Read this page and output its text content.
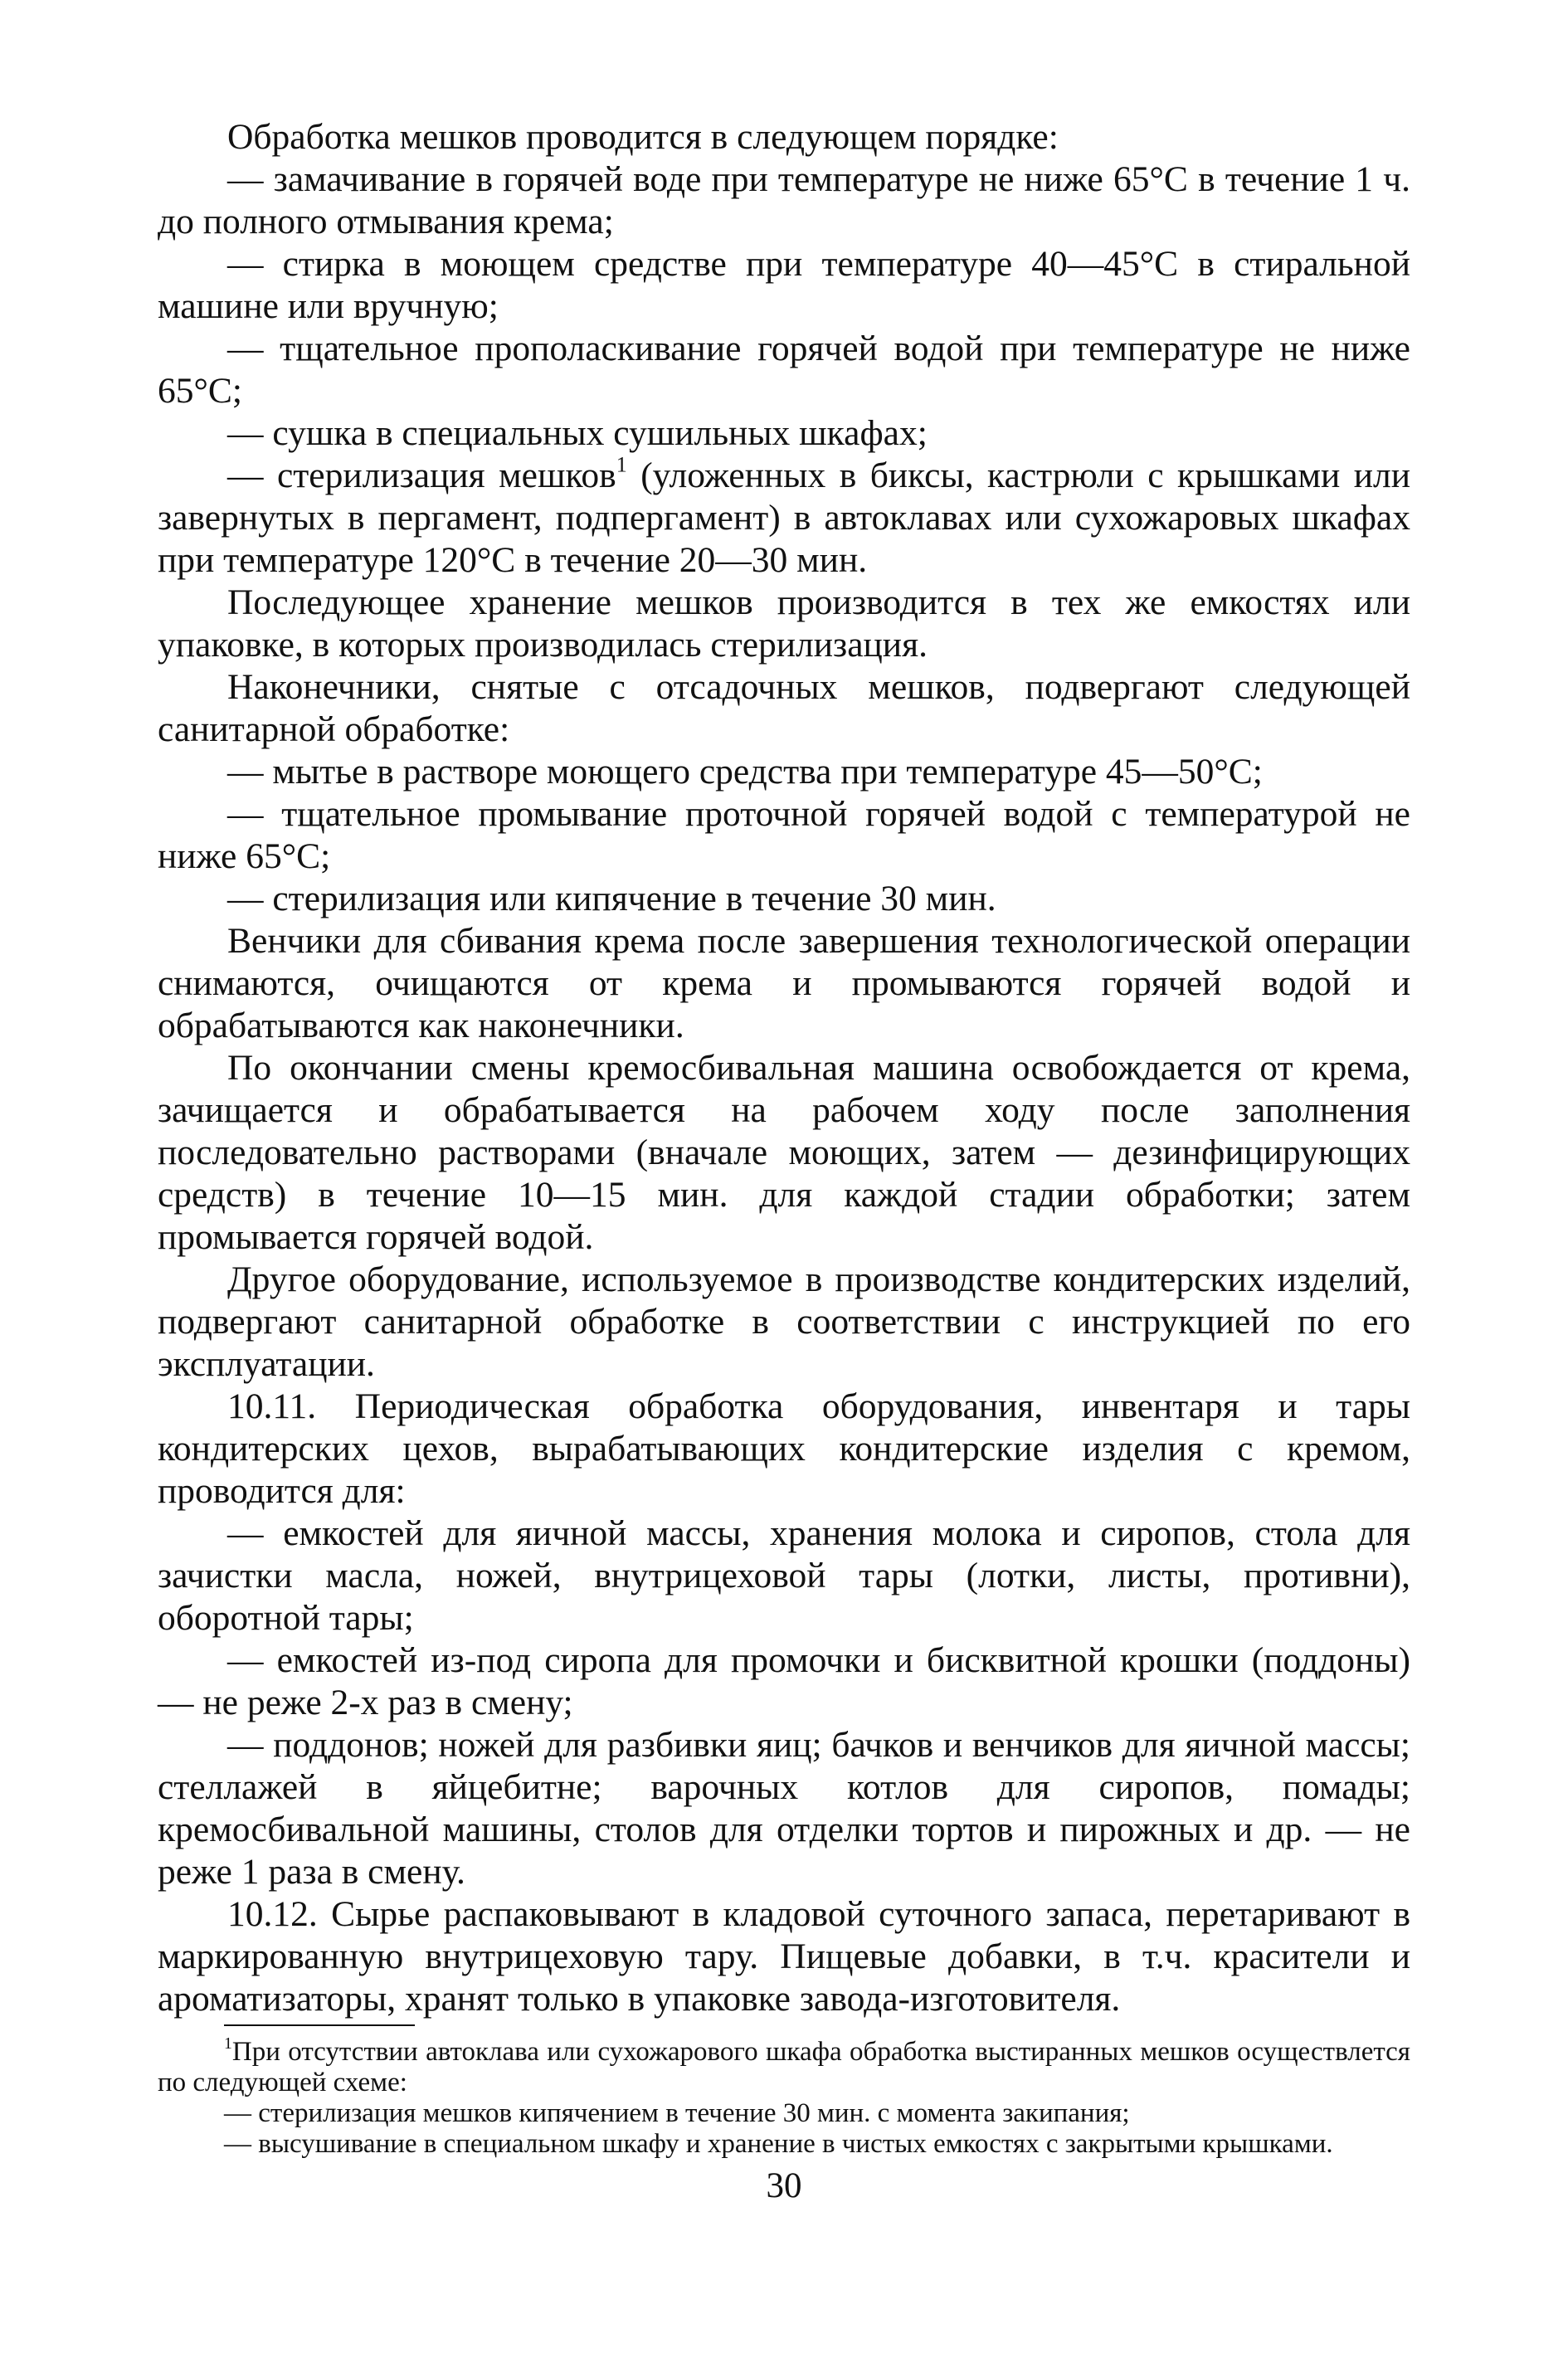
Обработка мешков проводится в следующем порядке:

— замачивание в горячей воде при температуре не ниже 65°С в течение 1 ч. до полного отмывания крема;

— стирка в моющем средстве при температуре 40—45°С в стиральной машине или вручную;

— тщательное прополаскивание горячей водой при температуре не ниже 65°С;

— сушка в специальных сушильных шкафах;

— стерилизация мешков$^1$ (уложенных в биксы, кастрюли с крышками или завернутых в пергамент, подпергамент) в автоклавах или сухожаровых шкафах при температуре 120°С в течение 20—30 мин.

Последующее хранение мешков производится в тех же емкостях или упаковке, в которых производилась стерилизация.

Наконечники, снятые с отсадочных мешков, подвергают следующей санитарной обработке:

— мытье в растворе моющего средства при температуре 45—50°С;

— тщательное промывание проточной горячей водой с температурой не ниже 65°С;

— стерилизация или кипячение в течение 30 мин.

Венчики для сбивания крема после завершения технологической операции снимаются, очищаются от крема и промываются горячей водой и обрабатываются как наконечники.

По окончании смены кремосбивальная машина освобождается от крема, зачищается и обрабатывается на рабочем ходу после заполнения последовательно растворами (вначале моющих, затем — дезинфицирующих средств) в течение 10—15 мин. для каждой стадии обработки; затем промывается горячей водой.

Другое оборудование, используемое в производстве кондитерских изделий, подвергают санитарной обработке в соответствии с инструкцией по его эксплуатации.

10.11. Периодическая обработка оборудования, инвентаря и тары кондитерских цехов, вырабатывающих кондитерские изделия с кремом, проводится для:

— емкостей для яичной массы, хранения молока и сиропов, стола для зачистки масла, ножей, внутрицеховой тары (лотки, листы, противни), оборотной тары;

— емкостей из-под сиропа для промочки и бисквитной крошки (поддоны) — не реже 2-х раз в смену;

— поддонов; ножей для разбивки яиц; бачков и венчиков для яичной массы; стеллажей в яйцебитне; варочных котлов для сиропов, помады; кремосбивальной машины, столов для отделки тортов и пирожных и др. — не реже 1 раза в смену.

10.12. Сырье распаковывают в кладовой суточного запаса, перетаривают в маркированную внутрицеховую тару. Пищевые добавки, в т.ч. красители и ароматизаторы, хранят только в упаковке завода-изготовителя.

$^1$При отсутствии автоклава или сухожарового шкафа обработка выстиранных мешков осуществлется по следующей схеме:

— стерилизация мешков кипячением в течение 30 мин. с момента закипания;

— высушивание в специальном шкафу и хранение в чистых емкостях с закрытыми крышками.

30
